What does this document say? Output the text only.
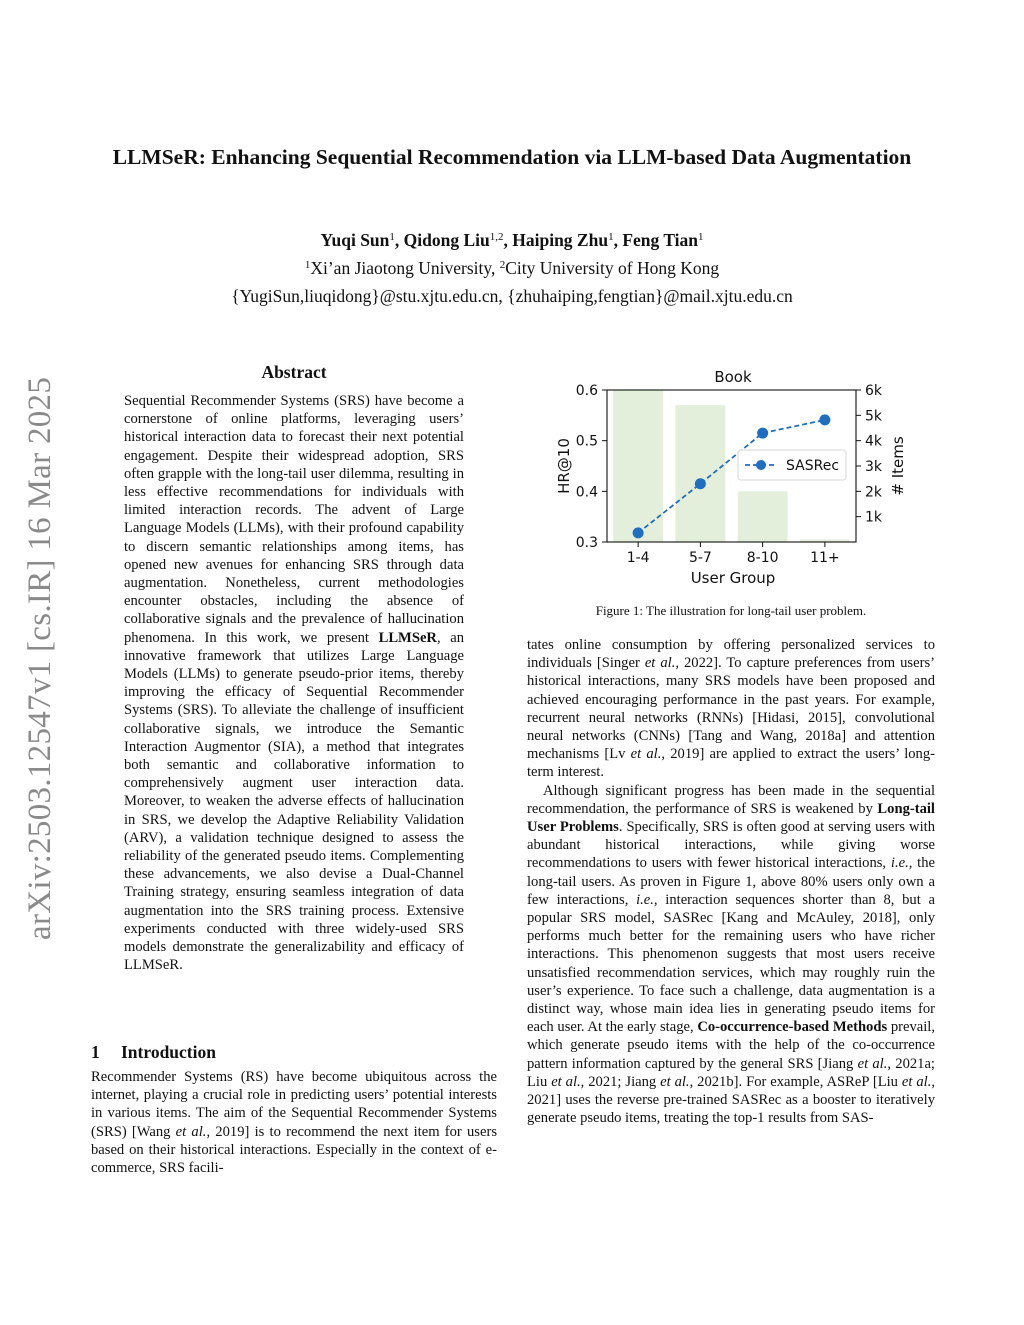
arXiv:2503.12547v1 [cs.IR] 16 Mar 2025
LLMSeR: Enhancing Sequential Recommendation via LLM-based Data Augmentation
Yuqi Sun$^1$, Qidong Liu$^{1,2}$, Haiping Zhu$^1$, Feng Tian$^1$
$^1$Xi’an Jiaotong University, $^2$City University of Hong Kong
{YugiSun,liuqidong}@stu.xjtu.edu.cn, {zhuhaiping,fengtian}@mail.xjtu.edu.cn
Abstract
Sequential Recommender Systems (SRS) have become a cornerstone of online platforms, leveraging users’ historical interaction data to forecast their next potential engagement. Despite their widespread adoption, SRS often grapple with the long-tail user dilemma, resulting in less effective recommendations for individuals with limited interaction records. The advent of Large Language Models (LLMs), with their profound capability to discern semantic relationships among items, has opened new avenues for enhancing SRS through data augmentation. Nonetheless, current methodologies encounter obstacles, including the absence of collaborative signals and the prevalence of hallucination phenomena. In this work, we present LLMSeR, an innovative framework that utilizes Large Language Models (LLMs) to generate pseudo-prior items, thereby improving the efficacy of Sequential Recommender Systems (SRS). To alleviate the challenge of insufficient collaborative signals, we introduce the Semantic Interaction Augmentor (SIA), a method that integrates both semantic and collaborative information to comprehensively augment user interaction data. Moreover, to weaken the adverse effects of hallucination in SRS, we develop the Adaptive Reliability Validation (ARV), a validation technique designed to assess the reliability of the generated pseudo items. Complementing these advancements, we also devise a Dual-Channel Training strategy, ensuring seamless integration of data augmentation into the SRS training process. Extensive experiments conducted with three widely-used SRS models demonstrate the generalizability and efficacy of LLMSeR.
1 Introduction
Recommender Systems (RS) have become ubiquitous across the internet, playing a crucial role in predicting users’ potential interests in various items. The aim of the Sequential Recommender Systems (SRS) [Wang et al., 2019] is to recommend the next item for users based on their historical interactions. Especially in the context of e-commerce, SRS facili-
Book
0.3
0.4
0.5
0.6
1k
2k
3k
4k
5k
6k
1-4	5-7 8-10 11+
User Group
HR@10	# Items
SASRec
Figure 1: The illustration for long-tail user problem.
tates online consumption by offering personalized services to individuals [Singer et al., 2022]. To capture preferences from users’ historical interactions, many SRS models have been proposed and achieved encouraging performance in the past years. For example, recurrent neural networks (RNNs) [Hidasi, 2015], convolutional neural networks (CNNs) [Tang and Wang, 2018a] and attention mechanisms [Lv et al., 2019] are applied to extract the users’ long-term interest.
Although significant progress has been made in the sequential recommendation, the performance of SRS is weakened by Long-tail User Problems. Specifically, SRS is often good at serving users with abundant historical interactions, while giving worse recommendations to users with fewer historical interactions, i.e., the long-tail users. As proven in Figure 1, above 80% users only own a few interactions, i.e., interaction sequences shorter than 8, but a popular SRS model, SASRec [Kang and McAuley, 2018], only performs much better for the remaining users who have richer interactions. This phenomenon suggests that most users receive unsatisfied recommendation services, which may roughly ruin the user’s experience. To face such a challenge, data augmentation is a distinct way, whose main idea lies in generating pseudo items for each user. At the early stage, Co-occurrence-based Methods prevail, which generate pseudo items with the help of the co-occurrence pattern information captured by the general SRS [Jiang et al., 2021a; Liu et al., 2021; Jiang et al., 2021b]. For example, ASReP [Liu et al., 2021] uses the reverse pre-trained SASRec as a booster to iteratively generate pseudo items, treating the top-1 results from SAS-
